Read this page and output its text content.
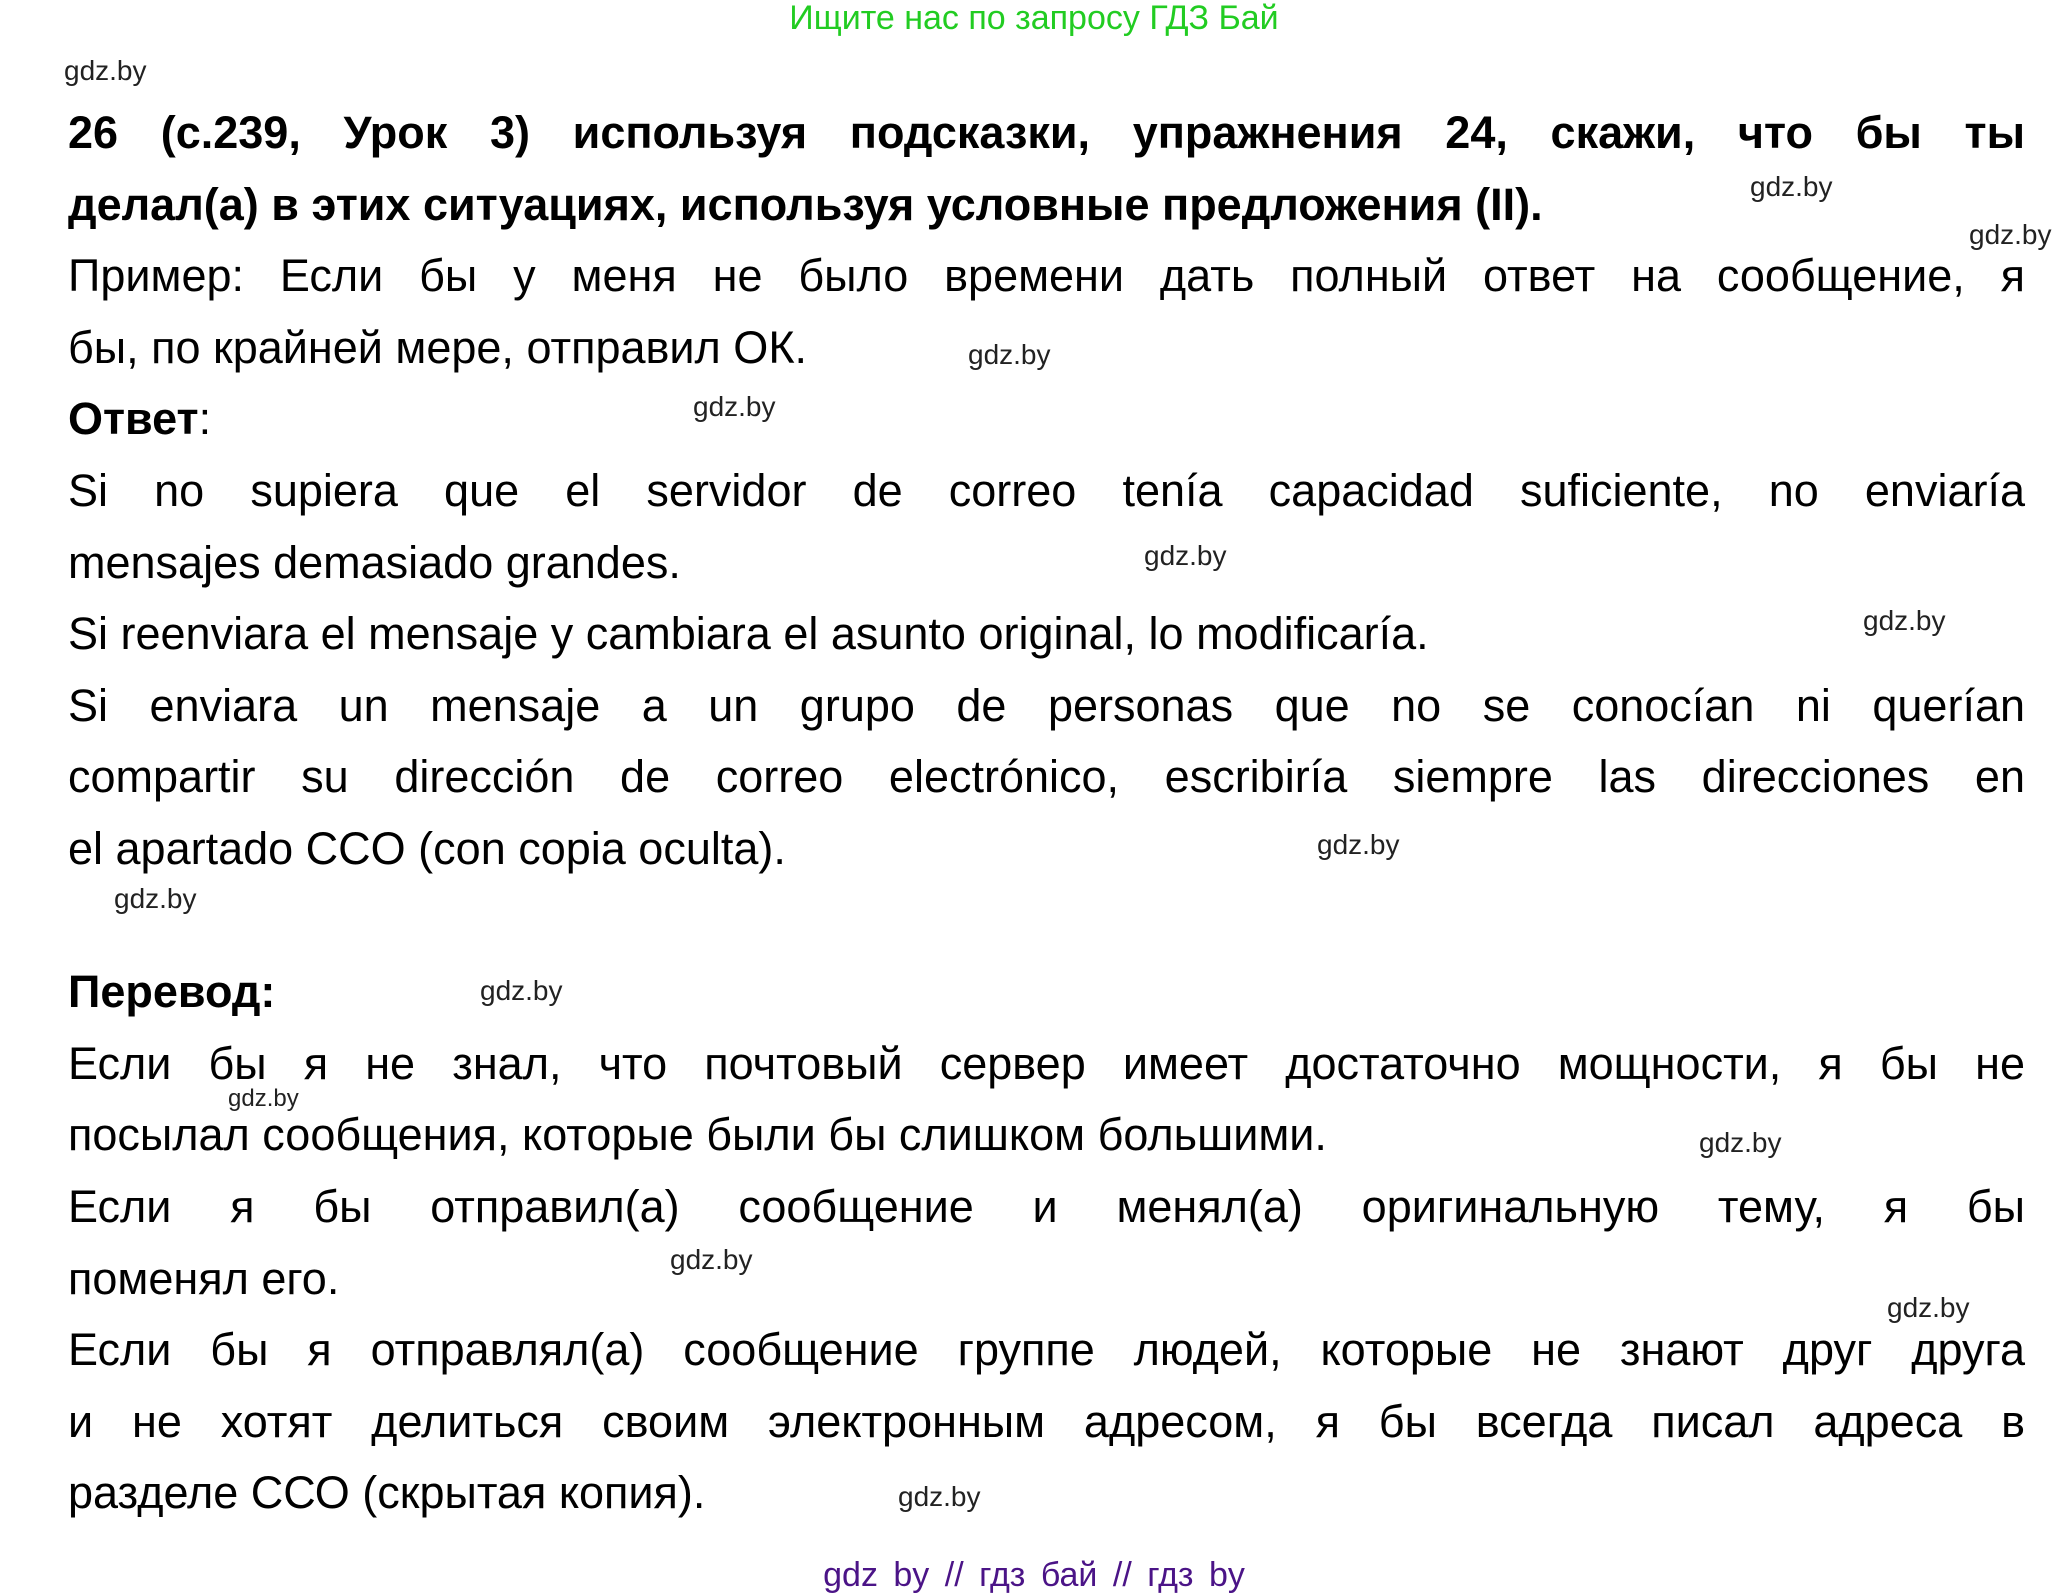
Ищите нас по запросу ГДЗ Бай
26 (с.239, Урок 3) используя подсказки, упражнения 24, скажи, что бы ты
делал(а) в этих ситуациях, используя условные предложения (II).
Пример: Если бы у меня не было времени дать полный ответ на сообщение, я
бы, по крайней мере, отправил ОК.
Ответ:
Si no supiera que el servidor de correo tenía capacidad suficiente, no enviaría
mensajes demasiado grandes.
Si reenviara el mensaje y cambiara el asunto original, lo modificaría.
Si enviara un mensaje a un grupo de personas que no se conocían ni querían
compartir su dirección de correo electrónico, escribiría siempre las direcciones en
el apartado CCO (con copia oculta).
Перевод:
Если бы я не знал, что почтовый сервер имеет достаточно мощности, я бы не
посылал сообщения, которые были бы слишком большими.
Если я бы отправил(а) сообщение и менял(а) оригинальную тему, я бы
поменял его.
Если бы я отправлял(а) сообщение группе людей, которые не знают друг друга
и не хотят делиться своим электронным адресом, я бы всегда писал адреса в
разделе ССО (скрытая копия).
gdz.by
gdz.by
gdz.by
gdz.by
gdz.by
gdz.by
gdz.by
gdz.by
gdz.by
gdz.by
gdz.by
gdz.by
gdz.by
gdz.by
gdz.by
gdz by // гдз бай // гдз by
